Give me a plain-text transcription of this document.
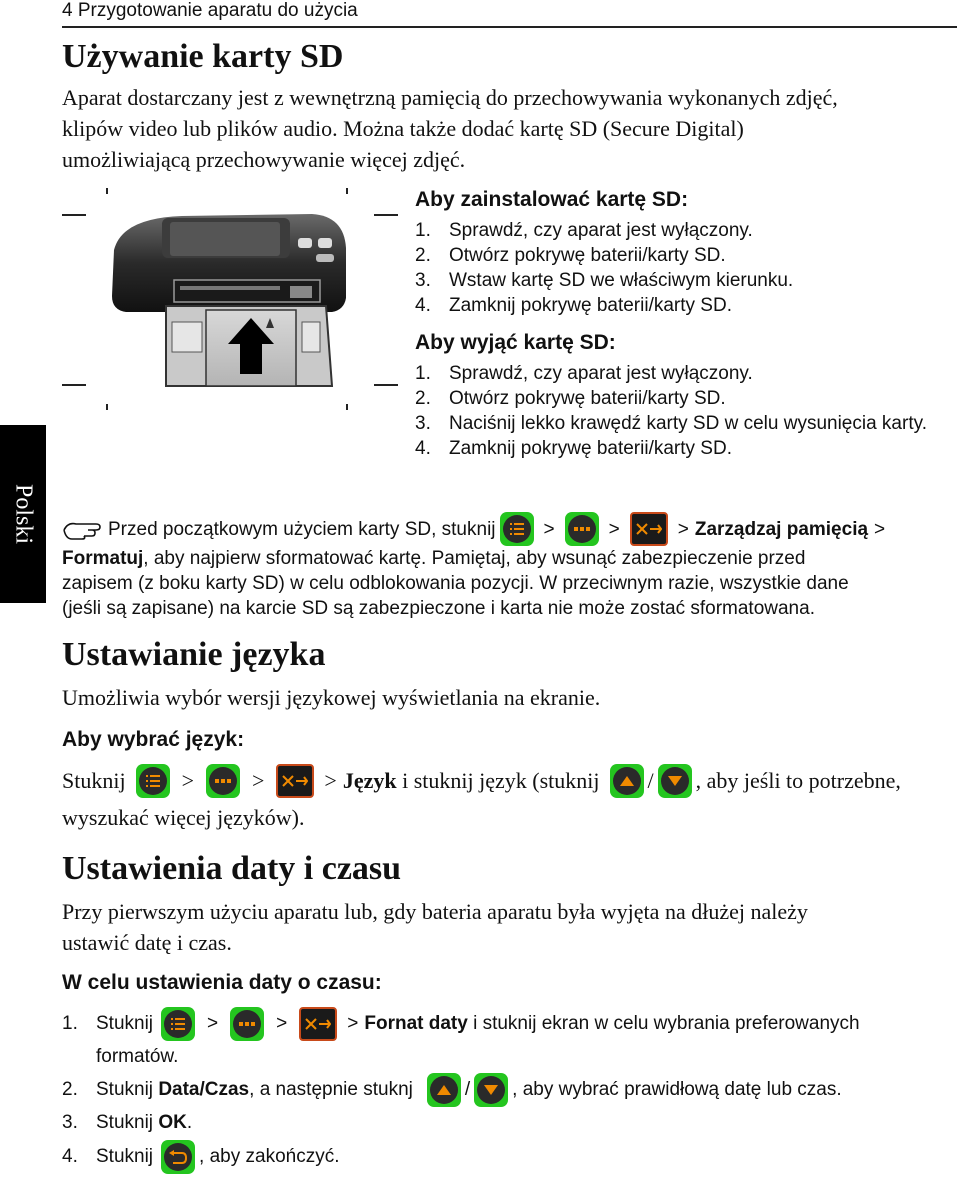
4 Przygotowanie aparatu do użycia
Polski
Używanie karty SD
Aparat dostarczany jest z wewnętrzną pamięcią do przechowywania wykonanych zdjęć,
klipów video lub plików audio. Można także dodać kartę SD (Secure Digital)
umożliwiającą przechowywanie więcej zdjęć.
Aby zainstalować kartę SD:
1. Sprawdź, czy aparat jest wyłączony.
2. Otwórz pokrywę baterii/karty SD.
3. Wstaw kartę SD we właściwym kierunku.
4. Zamknij pokrywę baterii/karty SD.
Aby wyjąć kartę SD:
1. Sprawdź, czy aparat jest wyłączony.
2. Otwórz pokrywę baterii/karty SD.
3. Naciśnij lekko krawędź karty SD w celu wysunięcia karty.
4. Zamknij pokrywę baterii/karty SD.
Przed początkowym użyciem karty SD, stuknij	>	>	> Zarządzaj pamięcią >
Formatuj, aby najpierw sformatować kartę. Pamiętaj, aby wsunąć zabezpieczenie przed
zapisem (z boku karty SD) w celu odblokowania pozycji. W przeciwnym razie, wszystkie dane
(jeśli są zapisane) na karcie SD są zabezpieczone i karta nie może zostać sformatowana.
Ustawianie języka
Umożliwia wybór wersji językowej wyświetlania na ekranie.
Aby wybrać język:
Stuknij	>	>	> Język i stuknij język (stuknij / , aby jeśli to potrzebne,
wyszukać więcej języków).
Ustawienia daty i czasu
Przy pierwszym użyciu aparatu lub, gdy bateria aparatu była wyjęta na dłużej należy
ustawić datę i czas.
W celu ustawienia daty o czasu:
1. Stuknij	>	>	> Fornat daty i stuknij ekran w celu wybrania preferowanych
formatów.
2. Stuknij Data/Czas , a następnie stuknj	/ , aby wybrać prawidłową datę lub czas.
3. Stuknij OK .
4. Stuknij , aby zakończyć.
